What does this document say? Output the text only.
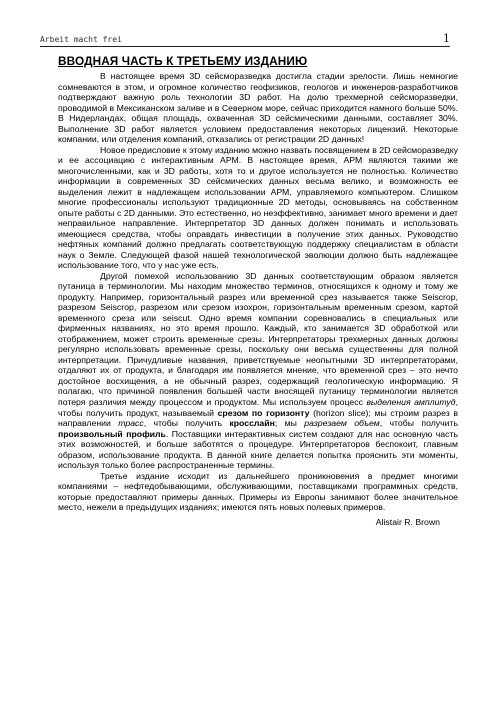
Arbeit macht frei	1
ВВОДНАЯ ЧАСТЬ К ТРЕТЬЕМУ ИЗДАНИЮ

В настоящее время 3D сейсморазведка достигла стадии зрелости. Лишь немногие сомневаются в этом, и огромное количество геофизиков, геологов и инженеров-разработчиков подтверждают важную роль технологии 3D работ. На долю трехмерной сейсморазведки, проводимой в Мексиканском заливе и в Северном море, сейчас приходится намного больше 50%. В Нидерландах, общая площадь, охваченная 3D сейсмическими данными, составляет 30%. Выполнение 3D работ является условием предоставления некоторых лицензий. Некоторые компании, или отделения компаний, отказались от регистрации 2D данных!

Новое предисловие к этому изданию можно назвать посвящением в 2D сейсморазведку и ее ассоциацию с интерактивным АРМ. В настоящее время, АРМ являются такими же многочисленными, как и 3D работы, хотя то и другое используется не полностью. Количество информации в современных 3D сейсмических данных весьма велико, и возможность ее выделения лежит в надлежащем использовании АРМ, управляемого компьютером. Слишком многие профессионалы используют традиционные 2D методы, основываясь на собственном опыте работы с 2D данными. Это естественно, но неэффективно, занимает много времени и дает неправильное направление. Интерпретатор 3D данных должен понимать и использовать имеющиеся средства, чтобы оправдать инвестиции в получение этих данных. Руководство нефтяных компаний должно предлагать соответствующую поддержку специалистам в области наук о Земле. Следующей фазой нашей технологической эволюции должно быть надлежащее использование того, что у нас уже есть.

Другой помехой использованию 3D данных соответствующим образом является путаница в терминологии. Мы находим множество терминов, относящихся к одному и тому же продукту. Например, горизонтальный разрез или временной срез называется также Seiscrop, разрезом Seiscrop, разрезом или срезом изохрон, горизонтальным временным срезом, картой временного среза или seiscut. Одно время компании соревновались в специальных или фирменных названиях, но это время прошло. Каждый, кто занимается 3D обработкой или отображением, может строить временные срезы. Интерпретаторы трехмерных данных должны регулярно использовать временные срезы, поскольку они весьма существенны для полной интерпретации. Причудливые названия, приветствуемые неопытными 3D интерпретаторами, отдаляют их от продукта, и благодаря им появляется мнение, что временной срез – это нечто достойное восхищения, а не обычный разрез, содержащий геологическую информацию. Я полагаю, что причиной появления большей части вносящей путаницу терминологии является потеря различия между процессом и продуктом. Мы используем процесс выделения амплитуд, чтобы получить продукт, называемый срезом по горизонту (horizon slice); мы строим разрез в направлении трасс, чтобы получить кросслайн; мы разрезаем объем, чтобы получить произвольный профиль. Поставщики интерактивных систем создают для нас основную часть этих возможностей, и больше заботятся о процедуре. Интерпретаторов беспокоит, главным образом, использование продукта. В данной книге делается попытка прояснить эти моменты, используя только более распространенные термины.

Третье издание исходит из дальнейшего проникновения в предмет многими компаниями – нефтедобывающими, обслуживающими, поставщиками программных средств, которые предоставляют примеры данных. Примеры из Европы занимают более значительное место, нежели в предыдущих изданиях; имеются пять новых полевых примеров.

Alistair R. Brown
